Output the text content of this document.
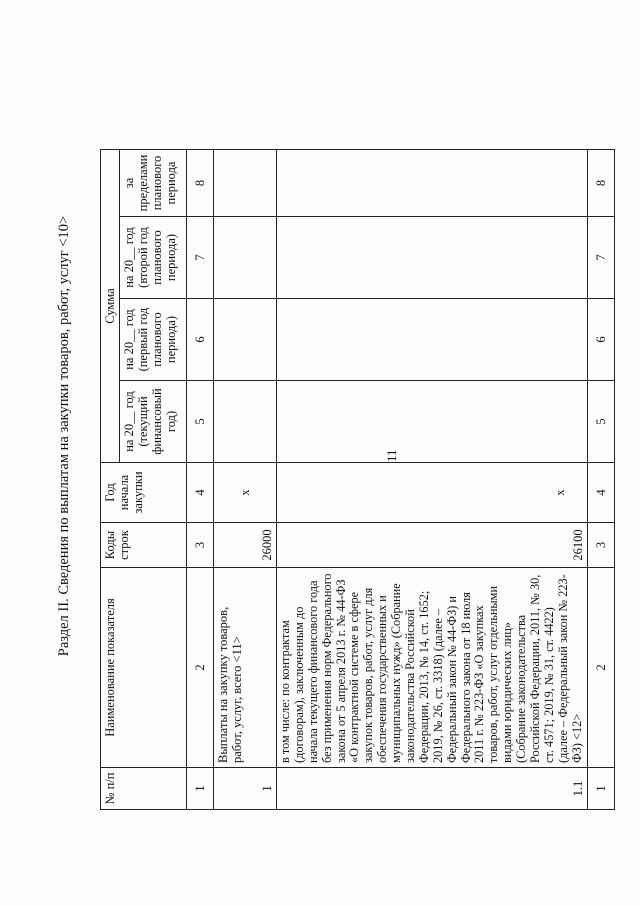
11
Раздел II. Сведения по выплатам на закупки товаров, работ, услуг <10>
№ п/п	Наименование показателя	Коды строк	Год начала закупки	Сумма			
				на 20__ год (текущий финансовый год)	на 20__ год (первый год планового периода)	на 20__ год (второй год планового периода)	за пределами планового периода
1	2	3	4	5	6	7	8
1	Выплаты на закупку товаров, работ, услуг, всего <11>	26000	x				
1.1	в том числе: по контрактам (договорам), заключенным до начала текущего финансового года без применения норм Федерального закона от 5 апреля 2013 г. № 44-ФЗ «О контрактной системе в сфере закупок товаров, работ, услуг для обеспечения государственных и муниципальных нужд» (Собрание законодательства Российской Федерации, 2013, № 14, ст. 1652; 2019, № 26, ст. 3318) (далее – Федеральный закон № 44-ФЗ) и Федерального закона от 18 июля 2011 г. № 223-ФЗ «О закупках товаров, работ, услуг отдельными видами юридических лиц» (Собрание законодательства Российской Федерации, 2011, № 30, ст. 4571; 2019, № 31, ст. 4422) (далее – Федеральный закон № 223-ФЗ) <12>	26100	x				
1	2	3	4	5	6	7	8
